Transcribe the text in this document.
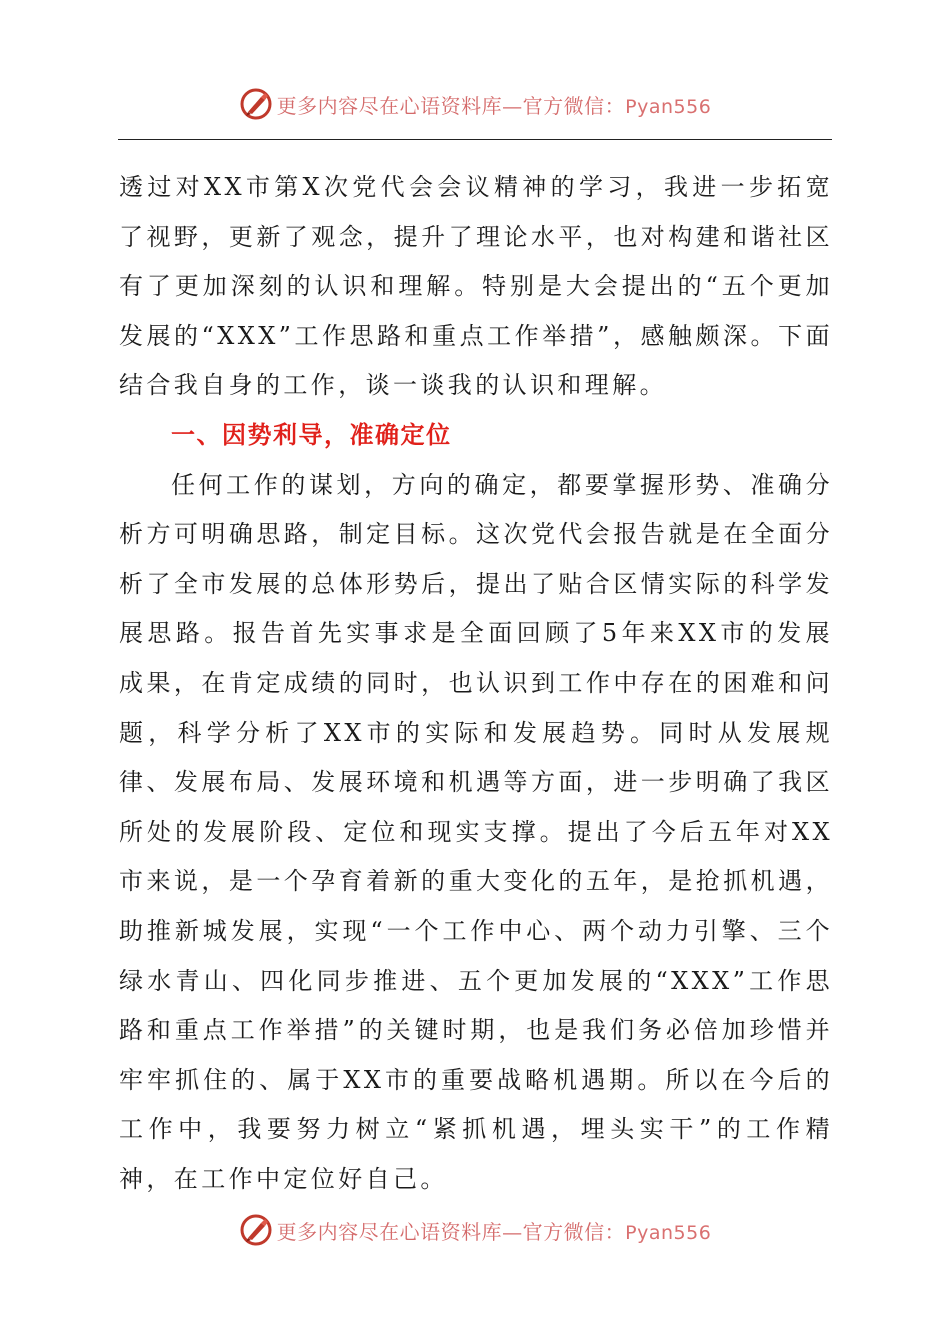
更多内容尽在心语资料库—官方微信：Pyan556

透过对XX市第X次党代会会议精神的学习，我进一步拓宽了视野，更新了观念，提升了理论水平，也对构建和谐社区有了更加深刻的认识和理解。特别是大会提出的“五个更加发展的“XXX”工作思路和重点工作举措”，感触颇深。下面结合我自身的工作，谈一谈我的认识和理解。

一、因势利导，准确定位

任何工作的谋划，方向的确定，都要掌握形势、准确分析方可明确思路，制定目标。这次党代会报告就是在全面分析了全市发展的总体形势后，提出了贴合区情实际的科学发展思路。报告首先实事求是全面回顾了5年来XX市的发展成果，在肯定成绩的同时，也认识到工作中存在的困难和问题，科学分析了XX市的实际和发展趋势。同时从发展规律、发展布局、发展环境和机遇等方面，进一步明确了我区所处的发展阶段、定位和现实支撑。提出了今后五年对XX市来说，是一个孕育着新的重大变化的五年，是抢抓机遇，助推新城发展，实现“一个工作中心、两个动力引擎、三个绿水青山、四化同步推进、五个更加发展的“XXX”工作思路和重点工作举措”的关键时期，也是我们务必倍加珍惜并牢牢抓住的、属于XX市的重要战略机遇期。所以在今后的工作中，我要努力树立“紧抓机遇，埋头实干”的工作精神，在工作中定位好自己。

更多内容尽在心语资料库—官方微信：Pyan556
